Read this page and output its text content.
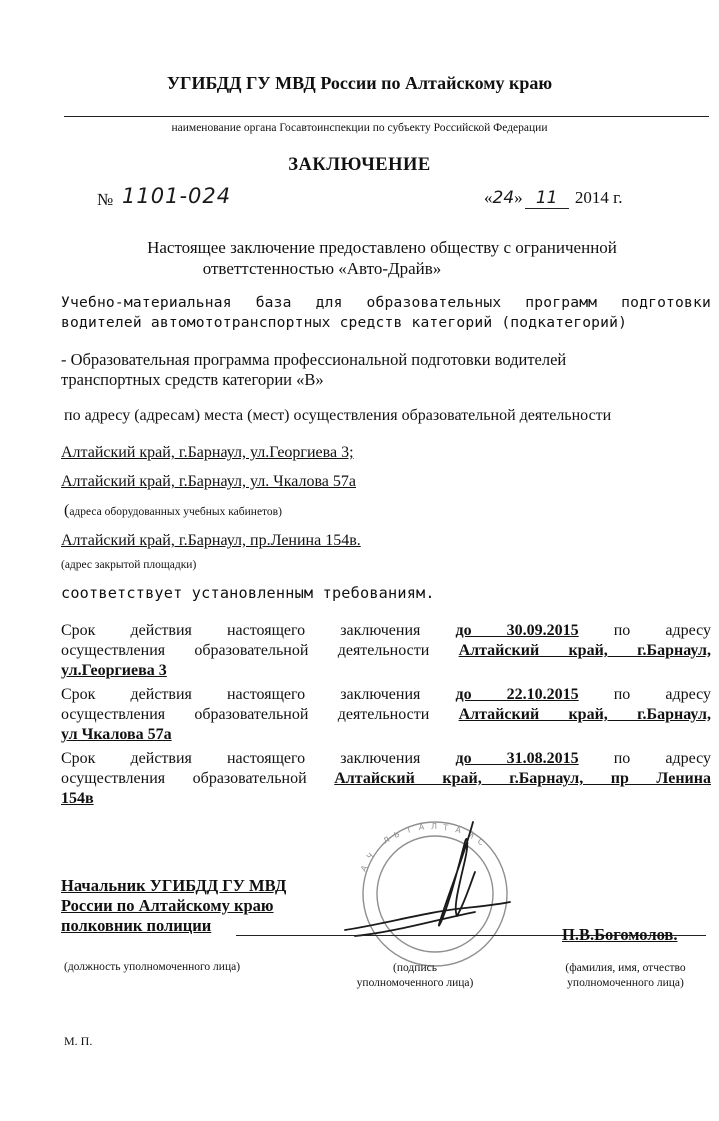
УГИБДД ГУ МВД России по Алтайскому краю
наименование органа Госавтоинспекции по субъекту Российской Федерации
ЗАКЛЮЧЕНИЕ
№ 1101-024	«24» 11 2014 г.
Настоящее заключение предоставлено обществу с ограниченной
ответтстенностью «Авто-Драйв»
Учебно-материальная база для образовательных программ подготовки
водителей автомототранспортных средств категорий (подкатегорий)
- Образовательная программа профессиональной подготовки водителей
транспортных средств категории «В»
по адресу (адресам) места (мест) осуществления образовательной деятельности
Алтайский край, г.Барнаул, ул.Георгиева 3;
Алтайский край, г.Барнаул, ул. Чкалова 57а
(адреса оборудованных учебных кабинетов)
Алтайский край, г.Барнаул, пр.Ленина 154в.
(адрес закрытой площадки)
соответствует установленным требованиям.
Срок действия настоящего заключения до 30.09.2015 по адресу
осуществления образовательной деятельности Алтайский край, г.Барнаул,
ул.Георгиева 3
Срок действия настоящего заключения до 22.10.2015 по адресу
осуществления образовательной деятельности Алтайский край, г.Барнаул,
ул Чкалова 57а
Срок действия настоящего заключения до 31.08.2015 по адресу
осуществления образовательной Алтайский край, г.Барнаул, пр Ленина
154в
Л
Ь Т А Л Т А
Й
С
Ч
А
Начальник УГИБДД ГУ МВД
России по Алтайскому краю
полковник полиции	П.В.Богомолов.
(должность уполномоченного лица)	(подпись
уполномоченного лица)
(фамилия, имя, отчество
уполномоченного лица)
М. П.
